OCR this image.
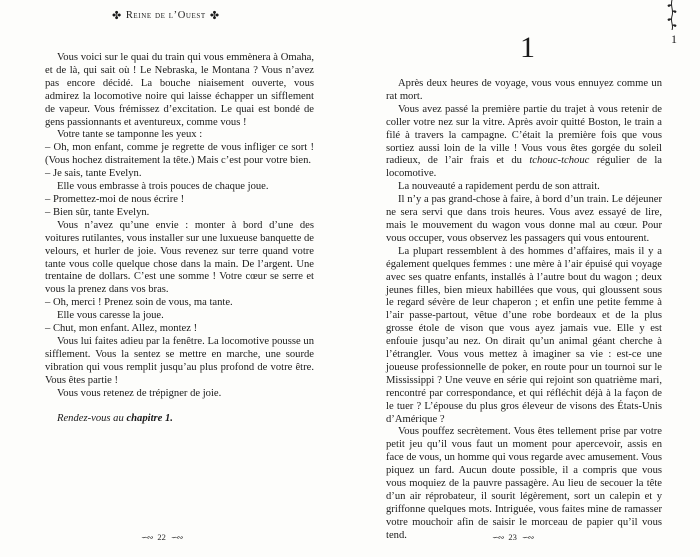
✤ Reine de l’Ouest ✤

Vous voici sur le quai du train qui vous emmènera à Omaha, et de là, qui sait où ! Le Nebraska, le Montana ? Vous n’avez pas encore décidé. La bouche niaisement ouverte, vous admirez la locomotive noire qui laisse échapper un sifflement de vapeur. Vous frémissez d’excitation. Le quai est bondé de gens passionnants et aventureux, comme vous !

Votre tante se tamponne les yeux :

– Oh, mon enfant, comme je regrette de vous infliger ce sort ! (Vous hochez distraitement la tête.) Mais c’est pour votre bien.

– Je sais, tante Evelyn.

Elle vous embrasse à trois pouces de chaque joue.

– Promettez-moi de nous écrire !

– Bien sûr, tante Evelyn.

Vous n’avez qu’une envie : monter à bord d’une des voitures rutilantes, vous installer sur une luxueuse banquette de velours, et hurler de joie. Vous revenez sur terre quand votre tante vous colle quelque chose dans la main. De l’argent. Une trentaine de dollars. C’est une somme ! Votre cœur se serre et vous la prenez dans vos bras.

– Oh, merci ! Prenez soin de vous, ma tante.

Elle vous caresse la joue.

– Chut, mon enfant. Allez, montez !

Vous lui faites adieu par la fenêtre. La locomotive pousse un sifflement. Vous la sentez se mettre en marche, une sourde vibration qui vous remplit jusqu’au plus profond de votre être. Vous êtes partie !

Vous vous retenez de trépigner de joie.

Rendez-vous au chapitre 1.

∽∾ 22 ∽∾
1
1

Après deux heures de voyage, vous vous ennuyez comme un rat mort.

Vous avez passé la première partie du trajet à vous retenir de coller votre nez sur la vitre. Après avoir quitté Boston, le train a filé à travers la campagne. C’était la première fois que vous sortiez aussi loin de la ville ! Vous vous êtes gorgée du soleil radieux, de l’air frais et du tchouc-tchouc régulier de la locomotive.

La nouveauté a rapidement perdu de son attrait.

Il n’y a pas grand-chose à faire, à bord d’un train. Le déjeuner ne sera servi que dans trois heures. Vous avez essayé de lire, mais le mouvement du wagon vous donne mal au cœur. Pour vous occuper, vous observez les passagers qui vous entourent.

La plupart ressemblent à des hommes d’affaires, mais il y a également quelques femmes : une mère à l’air épuisé qui voyage avec ses quatre enfants, installés à l’autre bout du wagon ; deux jeunes filles, bien mieux habillées que vous, qui gloussent sous le regard sévère de leur chaperon ; et enfin une petite femme à l’air passe-partout, vêtue d’une robe bordeaux et de la plus grosse étole de vison que vous ayez jamais vue. Elle y est enfouie jusqu’au nez. On dirait qu’un animal géant cherche à l’étrangler. Vous vous mettez à imaginer sa vie : est-ce une joueuse professionnelle de poker, en route pour un tournoi sur le Mississippi ? Une veuve en série qui rejoint son quatrième mari, rencontré par correspondance, et qui réfléchit déjà à la façon de le tuer ? L’épouse du plus gros éleveur de visons des États-Unis d’Amérique ?

Vous pouffez secrètement. Vous êtes tellement prise par votre petit jeu qu’il vous faut un moment pour apercevoir, assis en face de vous, un homme qui vous regarde avec amusement. Vous piquez un fard. Aucun doute possible, il a compris que vous vous moquiez de la pauvre passagère. Au lieu de secouer la tête d’un air réprobateur, il sourit légèrement, sort un calepin et y griffonne quelques mots. Intriguée, vous faites mine de ramasser votre mouchoir afin de saisir le morceau de papier qu’il vous tend.	∽∾ 23 ∽∾
